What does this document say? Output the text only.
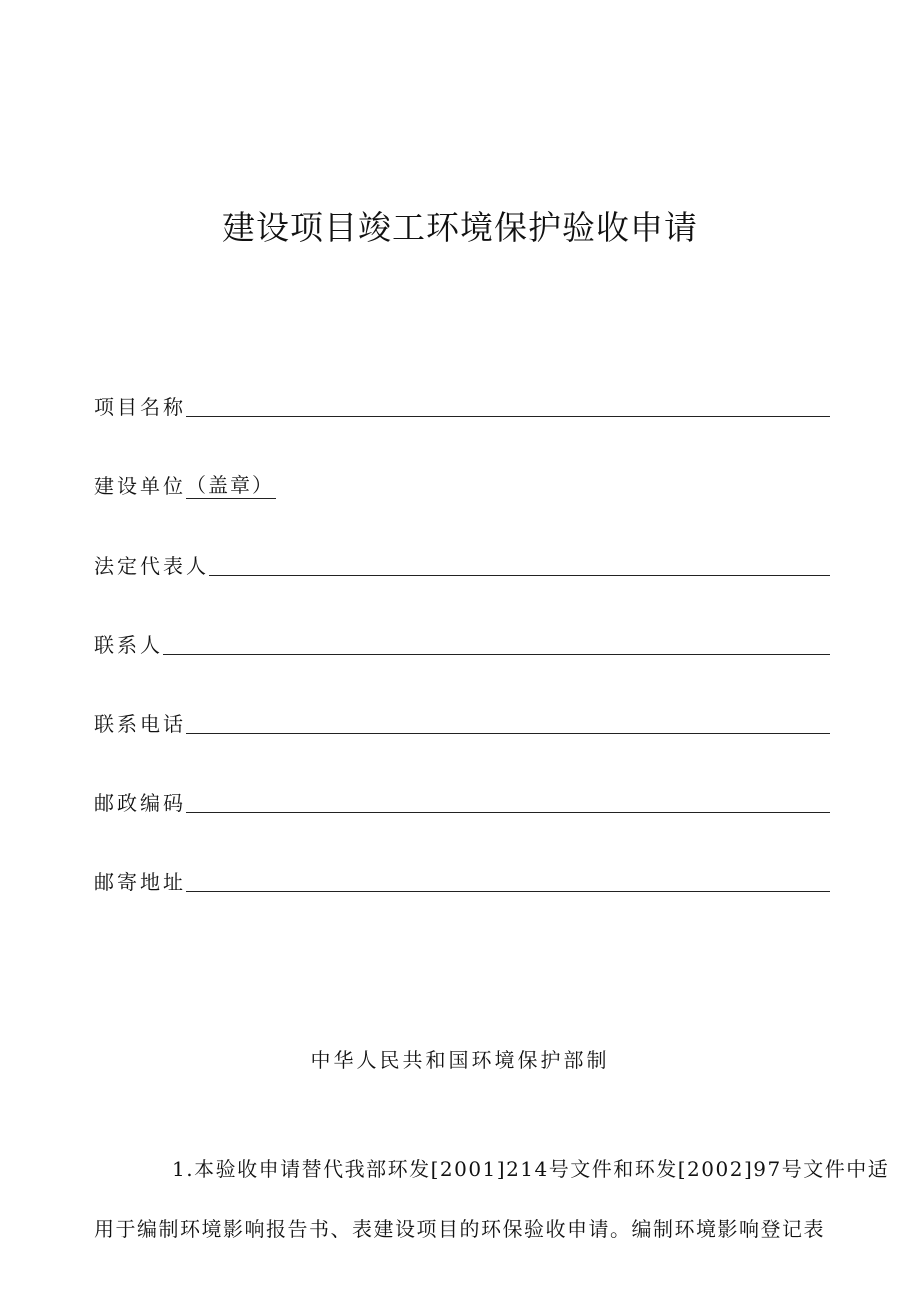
建设项目竣工环境保护验收申请
项目名称
建设单位 （盖章）
法定代表人
联系人
联系电话
邮政编码
邮寄地址
中华人民共和国环境保护部制
1.本验收申请替代我部环发[2001]214号文件和环发[2002]97号文件中适
用于编制环境影响报告书、表建设项目的环保验收申请。编制环境影响登记表
